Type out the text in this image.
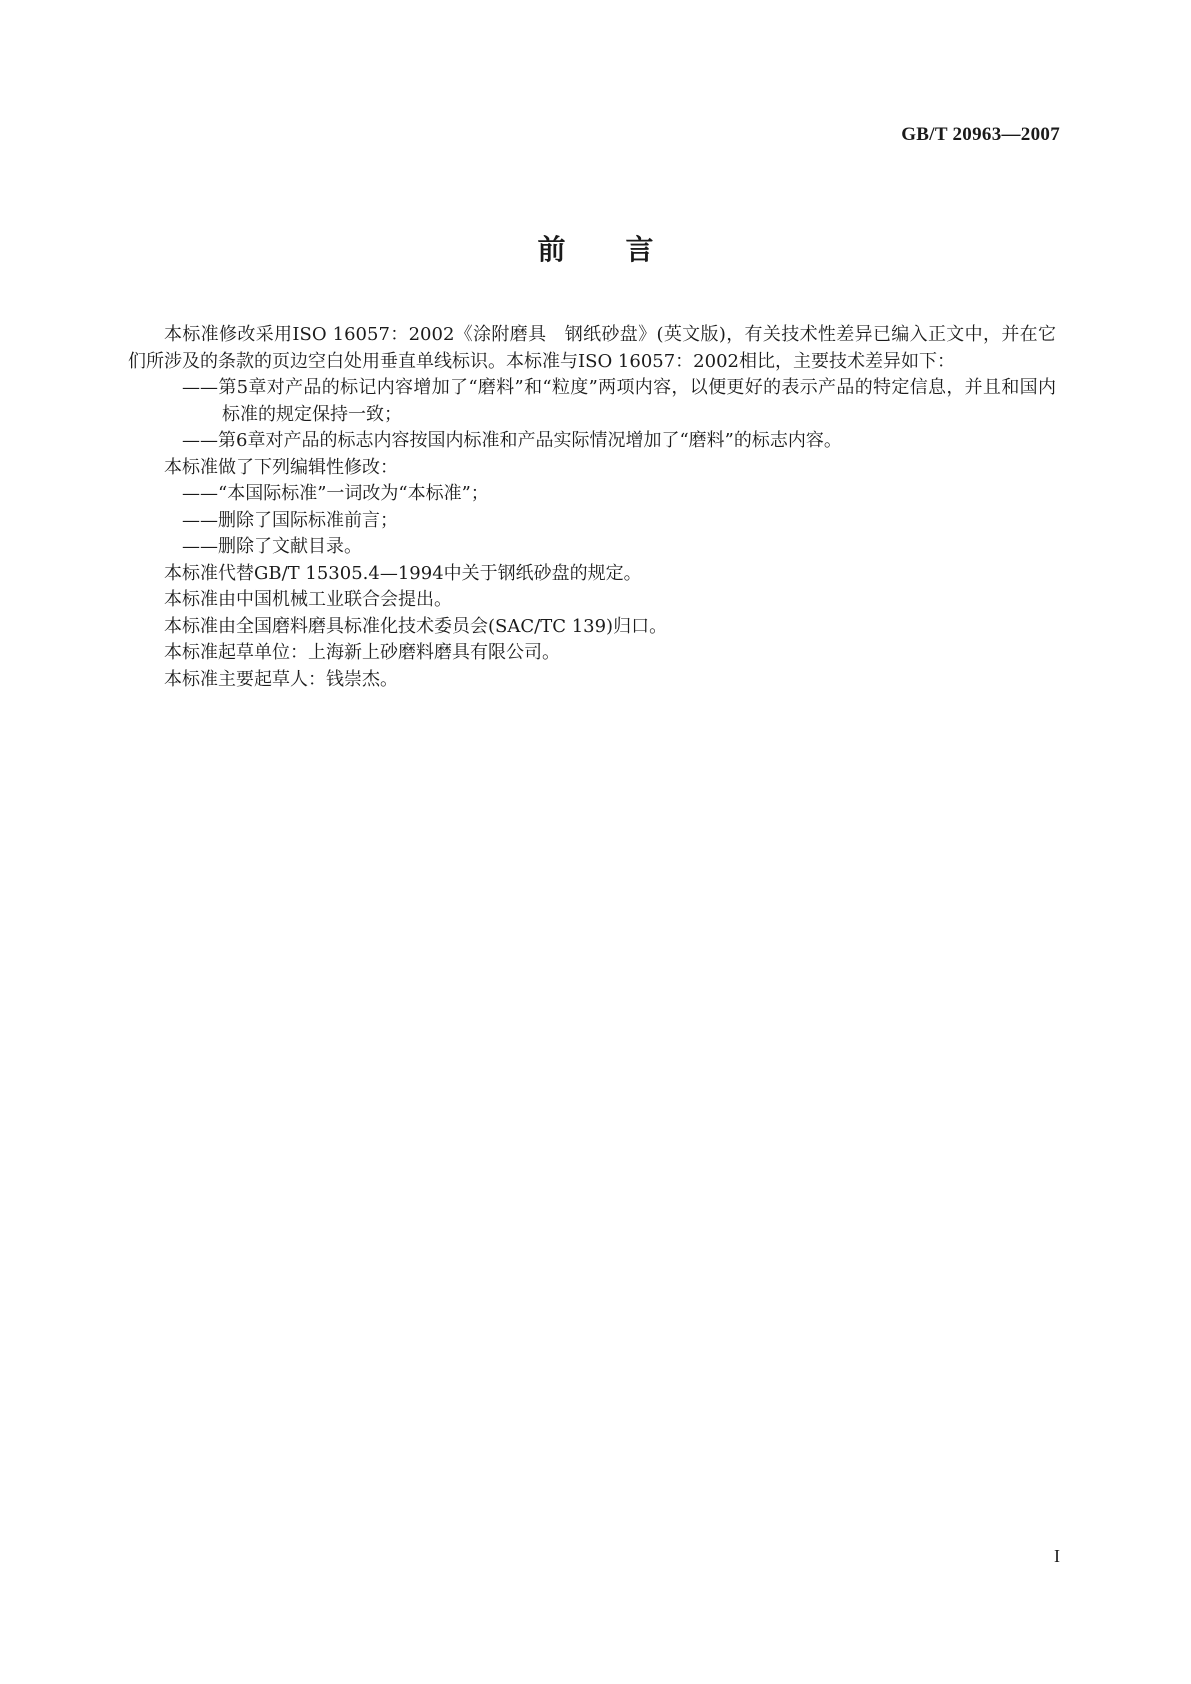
GB/T 20963—2007
前言

本标准修改采用ISO 16057：2002《涂附磨具　钢纸砂盘》(英文版)，有关技术性差异已编入正文中，并在它们所涉及的条款的页边空白处用垂直单线标识。本标准与ISO 16057：2002相比，主要技术差异如下：

——第5章对产品的标记内容增加了“磨料”和“粒度”两项内容，以便更好的表示产品的特定信息，并且和国内标准的规定保持一致；

——第6章对产品的标志内容按国内标准和产品实际情况增加了“磨料”的标志内容。

本标准做了下列编辑性修改：

——“本国际标准”一词改为“本标准”；

——删除了国际标准前言；

——删除了文献目录。

本标准代替GB/T 15305.4—1994中关于钢纸砂盘的规定。

本标准由中国机械工业联合会提出。

本标准由全国磨料磨具标准化技术委员会(SAC/TC 139)归口。

本标准起草单位：上海新上砂磨料磨具有限公司。

本标准主要起草人：钱崇杰。

I
